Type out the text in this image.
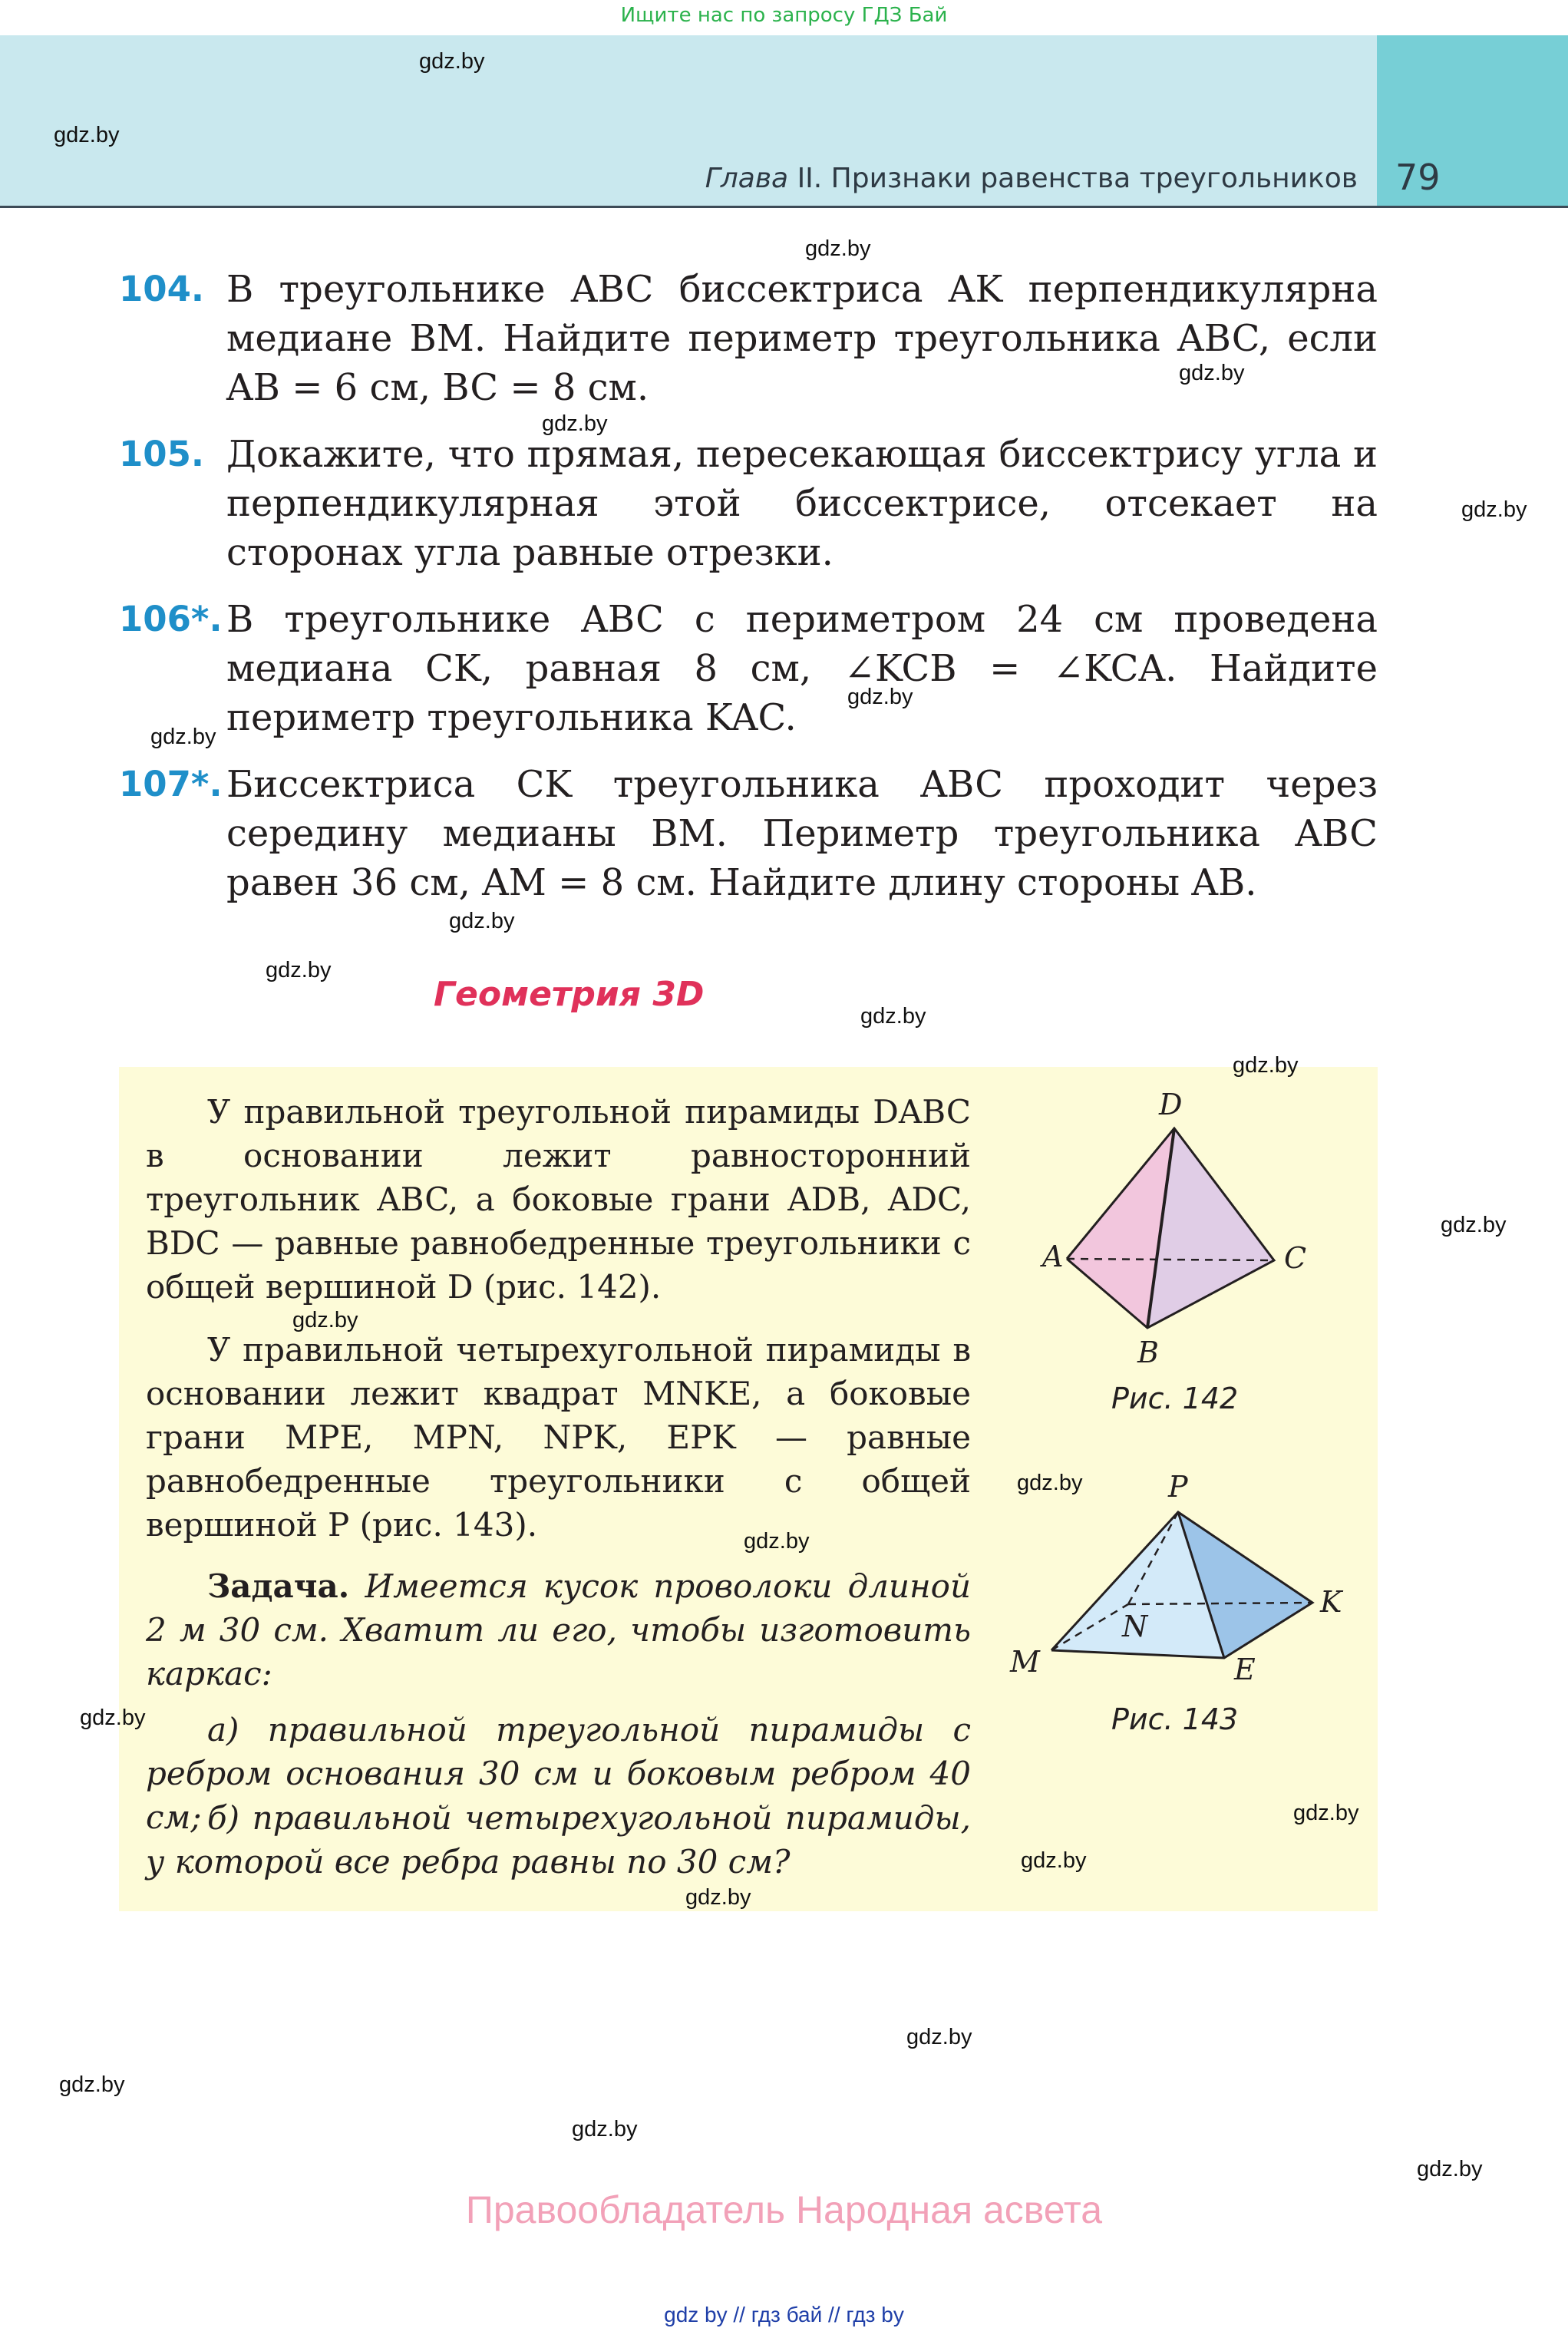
Ищите нас по запросу ГДЗ Бай
Глава II. Признаки равенства треугольников 79
104. В треугольнике ABC биссектриса AK перпендикулярна медиане BM. Найдите периметр треугольника ABC, если AB = 6 см, BC = 8 см.
105. Докажите, что прямая, пересекающая биссектрису угла и перпендикулярная этой биссектрисе, отсекает на сторонах угла равные отрезки.
106*. В треугольнике ABC с периметром 24 см проведена медиана CK, равная 8 см, ∠KCB = ∠KCA. Найдите периметр треугольника KAC.
107*. Биссектриса CK треугольника ABC проходит через середину медианы BM. Периметр треугольника ABC равен 36 см, AM = 8 см. Найдите длину стороны AB.
Геометрия 3D
У правильной треугольной пирамиды DABC в основании лежит равносторонний треугольник ABC, а боковые грани ADB, ADC, BDC — равные равнобедренные треугольники с общей вершиной D (рис. 142).
У правильной четырехугольной пирамиды в основании лежит квадрат MNKE, а боковые грани MPE, MPN, NPK, EPK — равные равнобедренные треугольники с общей вершиной P (рис. 143).
Задача. Имеется кусок проволоки длиной 2 м 30 см. Хватит ли его, чтобы изготовить каркас:
а) правильной треугольной пирамиды с ребром основания 30 см и боковым ребром 40 см; б) правильной четырехугольной пирамиды, у которой все ребра равны по 30 см?
D
A	C
B
Рис. 142
P
N
K
M	E
Рис. 143
gdz.by
gdz.by
gdz.by
gdz.by
gdz.by
gdz.by
gdz.by
gdz.by
gdz.by
gdz.by
gdz.by
gdz.by
gdz.by
gdz.by
gdz.by
gdz.by
gdz.by
gdz.by
gdz.by
gdz.by
gdz.by
gdz.by
gdz.by
gdz.by
Правообладатель Народная асвета
gdz by // гдз бай // гдз by
